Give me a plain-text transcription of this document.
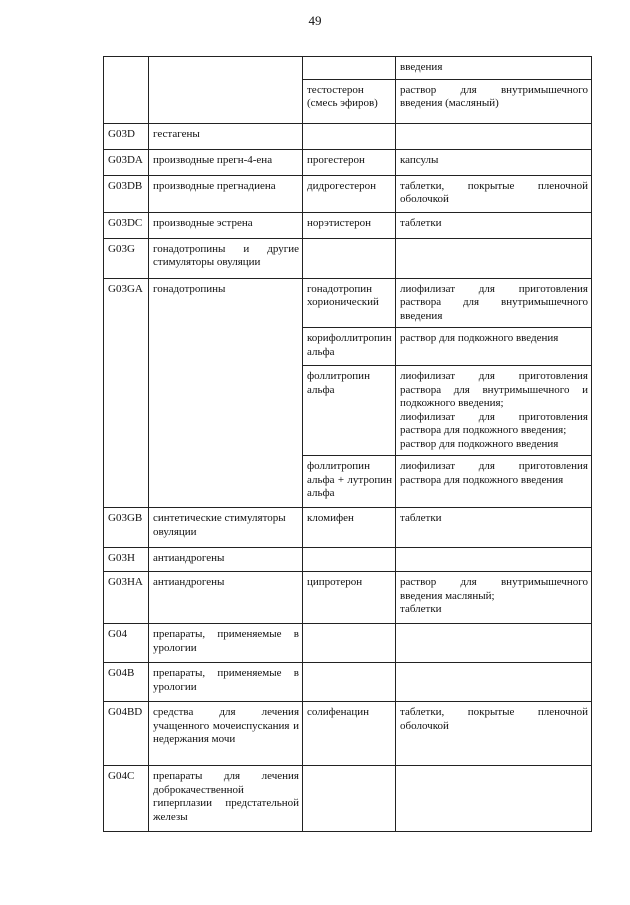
49

			введения

		тестостерон (смесь эфиров)	раствор для внутримышечного введения (масляный)

G03D	гестагены		
G03DA	производные прегн-4-ена	прогестерон	капсулы

G03DB	производные прегнадиена	дидрогестерон	таблетки, покрытые пленочной оболочкой

G03DC	производные эстрена	норэтистерон	таблетки

G03G	гонадотропины и другие стимуляторы овуляции		
G03GA	гонадотропины	гонадотропин хорионический	лиофилизат для приготовления раствора для внутримышечного введения

		корифоллитропин альфа	раствор для подкожного введения

		фоллитропин альфа	лиофилизат для приготовления раствора для внутримышечного и подкожного введения;
лиофилизат для приготовления раствора для подкожного введения;
раствор для подкожного введения

		фоллитропин альфа + лутропин альфа	лиофилизат для приготовления раствора для подкожного введения

G03GB	синтетические стимуляторы овуляции	кломифен	таблетки

G03H	антиандрогены		
G03HA	антиандрогены	ципротерон	раствор для внутримышечного введения масляный;
таблетки

G04	препараты, применяемые в урологии		
G04B	препараты, применяемые в урологии		
G04BD	средства для лечения учащенного мочеиспускания и недержания мочи	солифенацин	таблетки, покрытые пленочной оболочкой

G04C	препараты для лечения доброкачественной гиперплазии предстательной железы		
